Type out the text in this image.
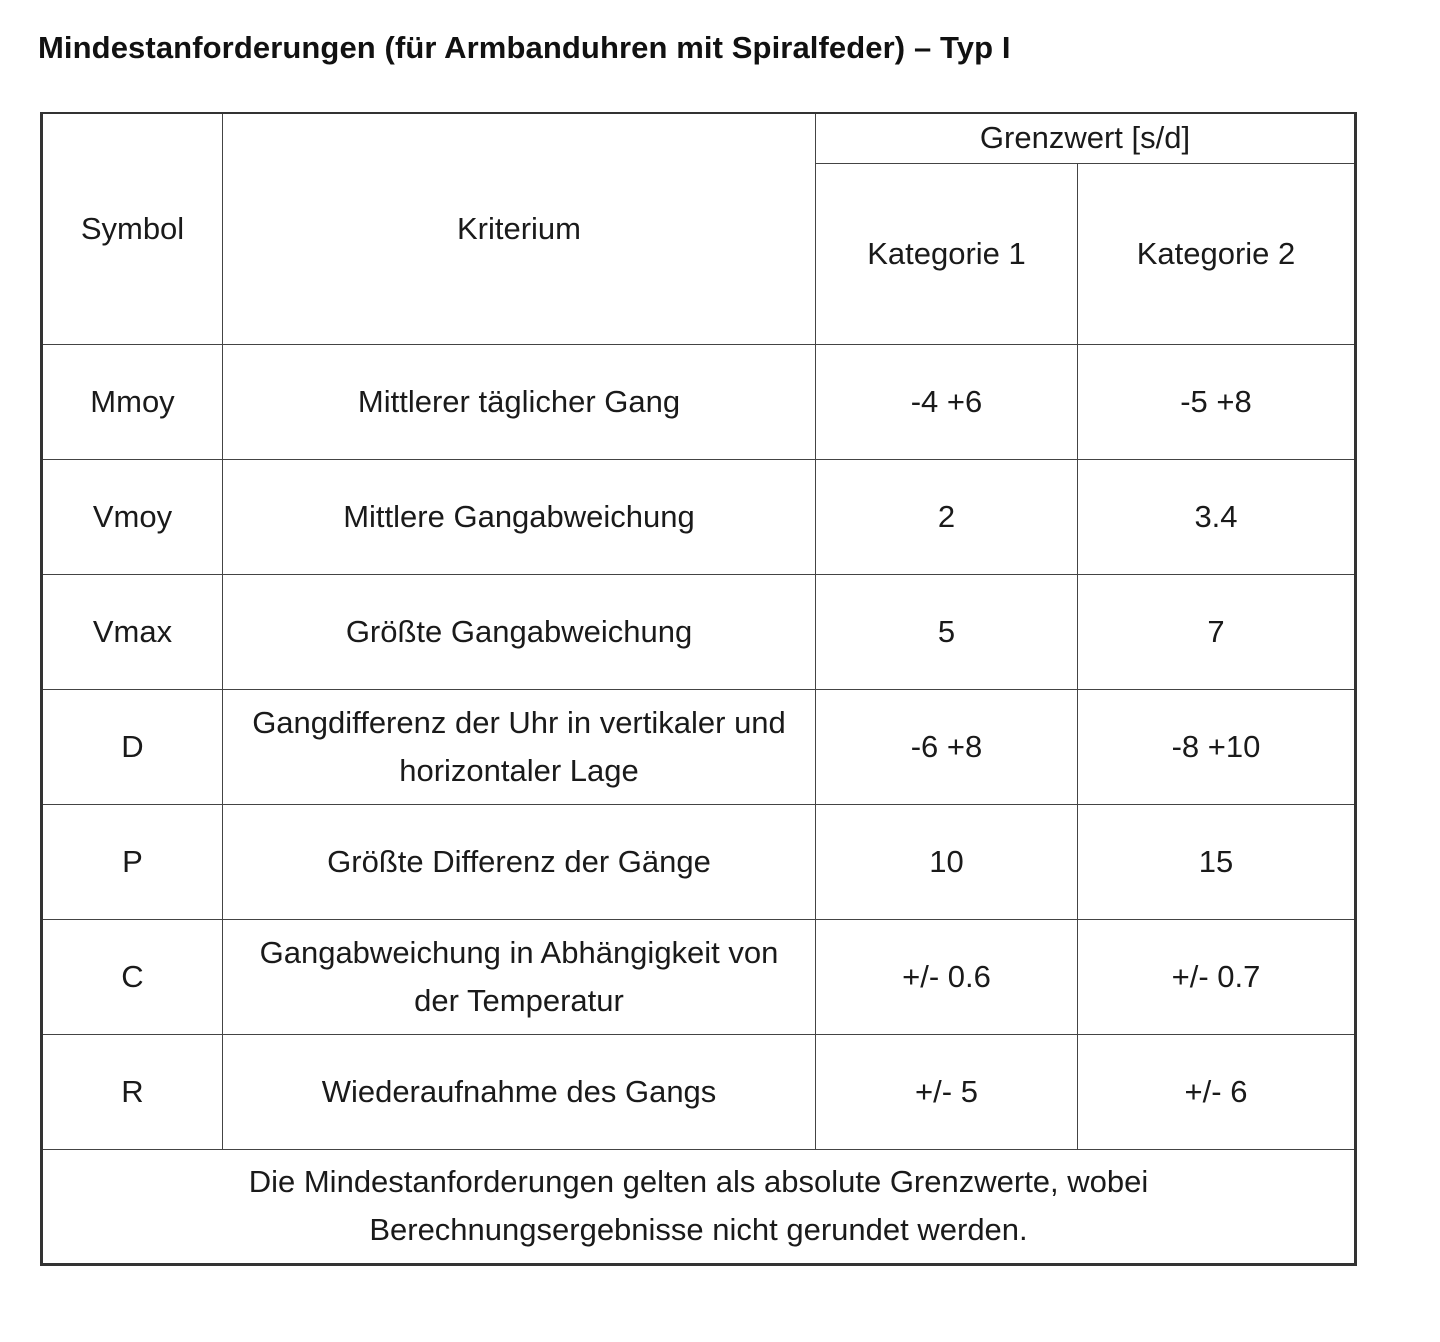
Mindestanforderungen (für Armbanduhren mit Spiralfeder) – Typ I
Symbol	Kriterium	Grenzwert [s/d]	
		Kategorie 1	Kategorie 2
Mmoy	Mittlerer täglicher Gang	-4 +6	-5 +8
Vmoy	Mittlere Gangabweichung	2	3.4
Vmax	Größte Gangabweichung	5	7
D	Gangdifferenz der Uhr in vertikaler und horizontaler Lage	-6 +8	-8 +10
P	Größte Differenz der Gänge	10	15
C	Gangabweichung in Abhängigkeit von der Temperatur	+/- 0.6	+/- 0.7
R	Wiederaufnahme des Gangs	+/- 5	+/- 6
Die Mindestanforderungen gelten als absolute Grenzwerte, wobei Berechnungsergebnisse nicht gerundet werden.			
